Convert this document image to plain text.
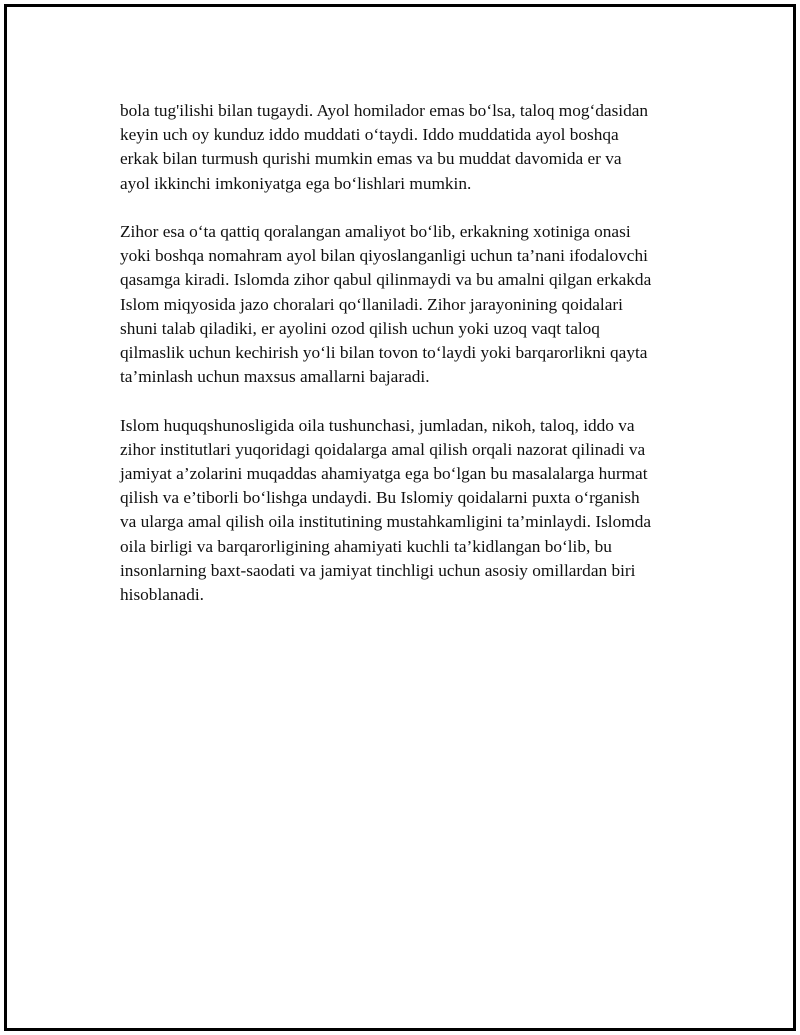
bola tug'ilishi bilan tugaydi. Ayol homilador emas bo‘lsa, taloq mog‘dasidan
keyin uch oy kunduz iddo muddati o‘taydi. Iddo muddatida ayol boshqa
erkak bilan turmush qurishi mumkin emas va bu muddat davomida er va
ayol ikkinchi imkoniyatga ega bo‘lishlari mumkin.

Zihor esa o‘ta qattiq qoralangan amaliyot bo‘lib, erkakning xotiniga onasi
yoki boshqa nomahram ayol bilan qiyoslanganligi uchun ta’nani ifodalovchi
qasamga kiradi. Islomda zihor qabul qilinmaydi va bu amalni qilgan erkakda
Islom miqyosida jazo choralari qo‘llaniladi. Zihor jarayonining qoidalari
shuni talab qiladiki, er ayolini ozod qilish uchun yoki uzoq vaqt taloq
qilmaslik uchun kechirish yo‘li bilan tovon to‘laydi yoki barqarorlikni qayta
ta’minlash uchun maxsus amallarni bajaradi.

Islom huquqshunosligida oila tushunchasi, jumladan, nikoh, taloq, iddo va
zihor institutlari yuqoridagi qoidalarga amal qilish orqali nazorat qilinadi va
jamiyat a’zolarini muqaddas ahamiyatga ega bo‘lgan bu masalalarga hurmat
qilish va e’tiborli bo‘lishga undaydi. Bu Islomiy qoidalarni puxta o‘rganish
va ularga amal qilish oila institutining mustahkamligini ta’minlaydi. Islomda
oila birligi va barqarorligining ahamiyati kuchli ta’kidlangan bo‘lib, bu
insonlarning baxt-saodati va jamiyat tinchligi uchun asosiy omillardan biri
hisoblanadi.
